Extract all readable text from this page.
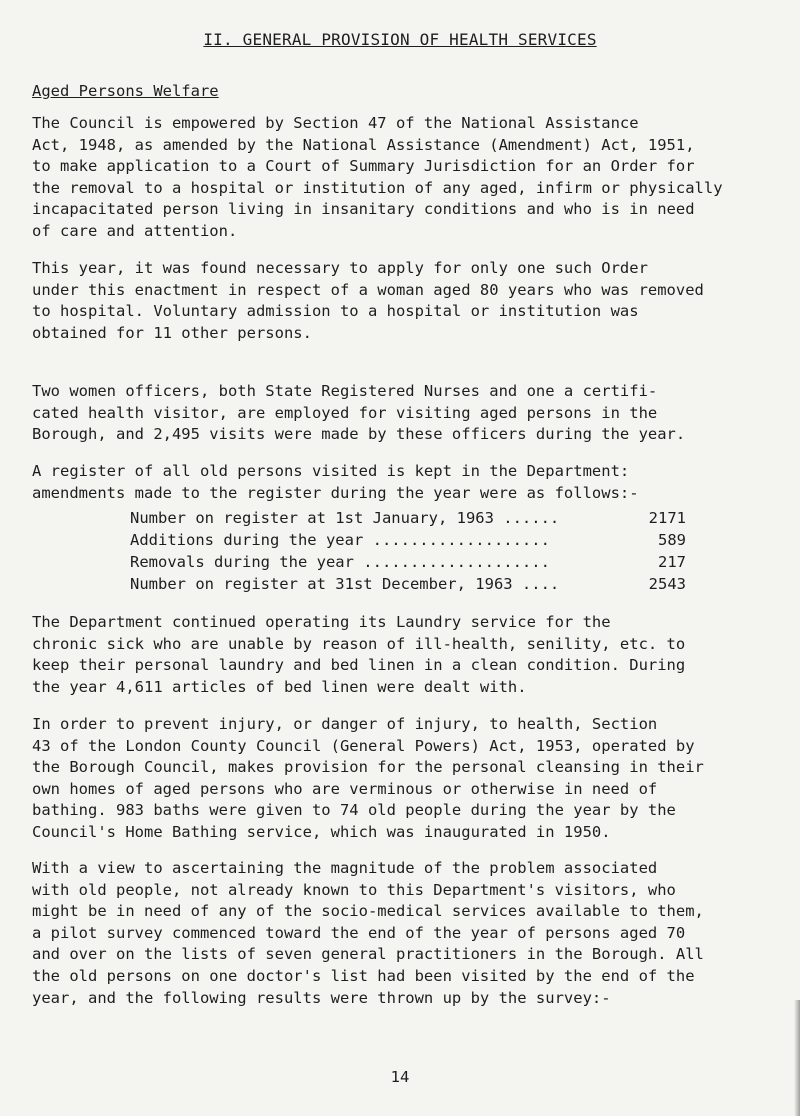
II. GENERAL PROVISION OF HEALTH SERVICES
Aged Persons Welfare

The Council is empowered by Section 47 of the National Assistance
Act, 1948, as amended by the National Assistance (Amendment) Act, 1951,
to make application to a Court of Summary Jurisdiction for an Order for
the removal to a hospital or institution of any aged, infirm or physically
incapacitated person living in insanitary conditions and who is in need
of care and attention.

This year, it was found necessary to apply for only one such Order
under this enactment in respect of a woman aged 80 years who was removed
to hospital. Voluntary admission to a hospital or institution was
obtained for 11 other persons.

Two women officers, both State Registered Nurses and one a certifi-
cated health visitor, are employed for visiting aged persons in the
Borough, and 2,495 visits were made by these officers during the year.

A register of all old persons visited is kept in the Department:
amendments made to the register during the year were as follows:-

Number on register at 1st January, 1963 ......	2171
Additions during the year ...................	589
Removals during the year ....................	217
Number on register at 31st December, 1963 ....	2543

The Department continued operating its Laundry service for the
chronic sick who are unable by reason of ill-health, senility, etc. to
keep their personal laundry and bed linen in a clean condition. During
the year 4,611 articles of bed linen were dealt with.

In order to prevent injury, or danger of injury, to health, Section
43 of the London County Council (General Powers) Act, 1953, operated by
the Borough Council, makes provision for the personal cleansing in their
own homes of aged persons who are verminous or otherwise in need of
bathing. 983 baths were given to 74 old people during the year by the
Council's Home Bathing service, which was inaugurated in 1950.

With a view to ascertaining the magnitude of the problem associated
with old people, not already known to this Department's visitors, who
might be in need of any of the socio-medical services available to them,
a pilot survey commenced toward the end of the year of persons aged 70
and over on the lists of seven general practitioners in the Borough. All
the old persons on one doctor's list had been visited by the end of the
year, and the following results were thrown up by the survey:-

14
